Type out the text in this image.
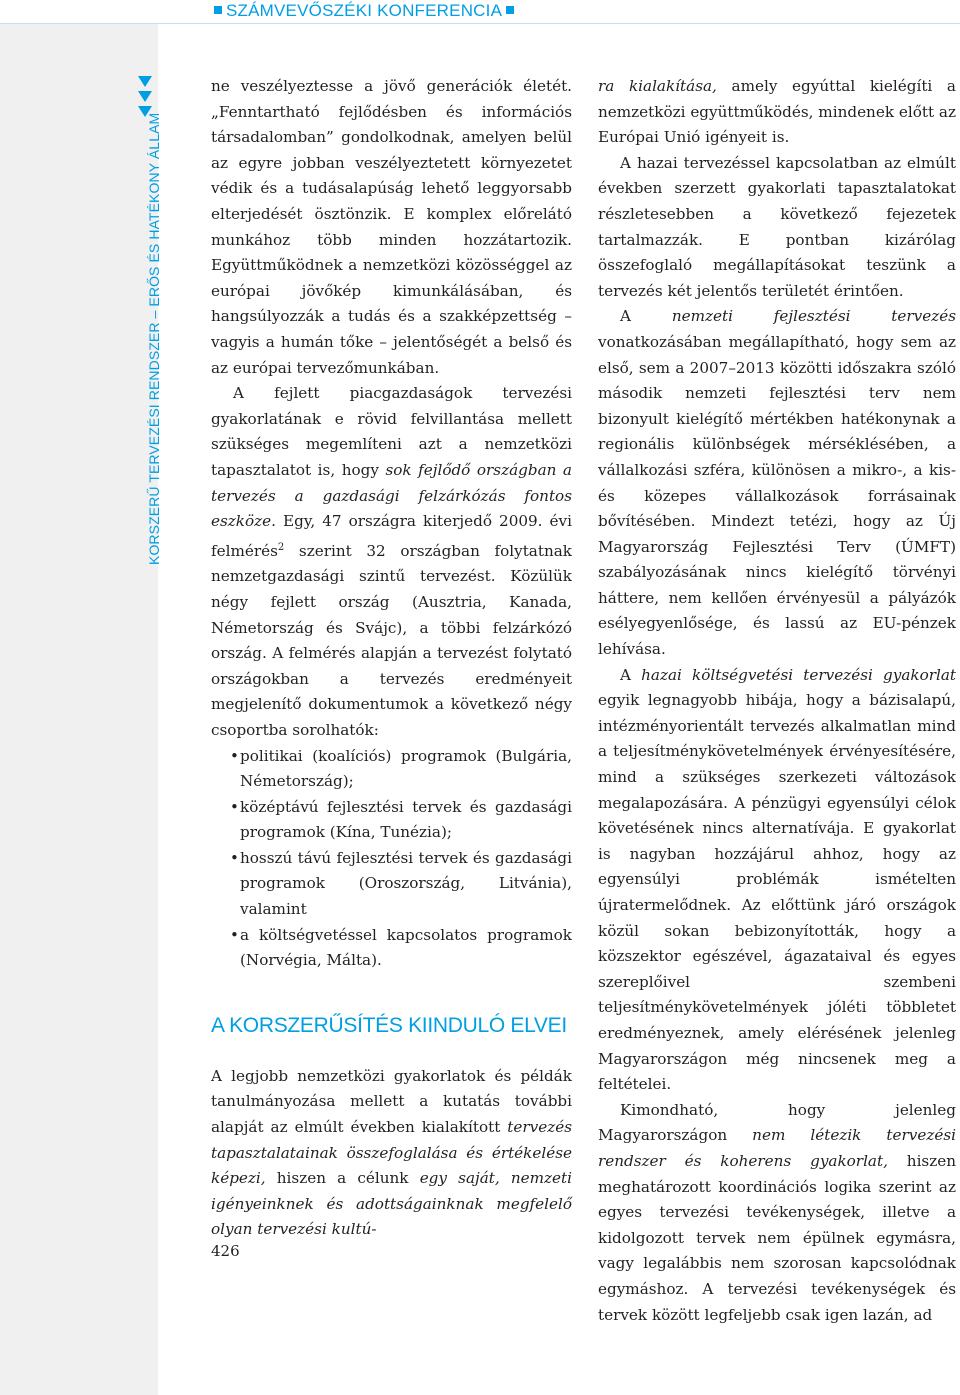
KORSZERŰ TERVEZÉSI RENDSZER – ERŐS ÉS HATÉKONY ÁLLAM
SZÁMVEVŐSZÉKI KONFERENCIA

ne veszélyeztesse a jövő generációk életét. „Fenntartható fejlődésben és információs társadalomban” gondolkodnak, amelyen belül az egyre jobban veszélyeztetett környezetet védik és a tudásalapúság lehető leggyorsabb elterjedését ösztönzik. E komplex előrelátó munkához több minden hozzátartozik. Együttműködnek a nemzetközi közösséggel az európai jövőkép kimunkálásában, és hangsúlyozzák a tudás és a szakképzettség – vagyis a humán tőke – jelentőségét a belső és az európai tervezőmunkában.

A fejlett piacgazdaságok tervezési gyakorlatának e rövid felvillantása mellett szükséges megemlíteni azt a nemzetközi tapasztalatot is, hogy sok fejlődő országban a tervezés a gazdasági felzárkózás fontos eszköze. Egy, 47 országra kiterjedő 2009. évi felmérés$^2$ szerint 32 országban folytatnak nemzetgazdasági szintű tervezést. Közülük négy fejlett ország (Ausztria, Kanada, Németország és Svájc), a többi felzárkózó ország. A felmérés alapján a tervezést folytató országokban a tervezés eredményeit megjelenítő dokumentumok a következő négy csoportba sorolhatók:

• politikai (koalíciós) programok (Bulgária, Németország);
• középtávú fejlesztési tervek és gazdasági programok (Kína, Tunézia);
• hosszú távú fejlesztési tervek és gazdasági programok (Oroszország, Litvánia), valamint
• a költségvetéssel kapcsolatos programok (Norvégia, Málta).
A KORSZERŰSÍTÉS KIINDULÓ ELVEI

A legjobb nemzetközi gyakorlatok és példák tanulmányozása mellett a kutatás további alapját az elmúlt években kialakított tervezés tapasztalatainak összefoglalása és értékelése képezi, hiszen a célunk egy saját, nemzeti igényeinknek és adottságainknak megfelelő olyan tervezési kultú-

ra kialakítása, amely egyúttal kielégíti a nemzetközi együttműködés, mindenek előtt az Európai Unió igényeit is.

A hazai tervezéssel kapcsolatban az elmúlt években szerzett gyakorlati tapasztalatokat részletesebben a következő fejezetek tartalmazzák. E pontban kizárólag összefoglaló megállapításokat teszünk a tervezés két jelentős területét érintően.

A nemzeti fejlesztési tervezés vonatkozásában megállapítható, hogy sem az első, sem a 2007–2013 közötti időszakra szóló második nemzeti fejlesztési terv nem bizonyult kielégítő mértékben hatékonynak a regionális különbségek mérséklésében, a vállalkozási szféra, különösen a mikro-, a kis- és közepes vállalkozások forrásainak bővítésében. Mindezt tetézi, hogy az Új Magyarország Fejlesztési Terv (ÚMFT) szabályozásának nincs kielégítő törvényi háttere, nem kellően érvényesül a pályázók esélyegyenlősége, és lassú az EU-pénzek lehívása.

A hazai költségvetési tervezési gyakorlat egyik legnagyobb hibája, hogy a bázisalapú, intézményorientált tervezés alkalmatlan mind a teljesítménykövetelmények érvényesítésére, mind a szükséges szerkezeti változások megalapozására. A pénzügyi egyensúlyi célok követésének nincs alternatívája. E gyakorlat is nagyban hozzájárul ahhoz, hogy az egyensúlyi problémák ismételten újratermelődnek. Az előttünk járó országok közül sokan bebizonyították, hogy a közszektor egészével, ágazataival és egyes szereplőivel szembeni teljesítménykövetelmények jóléti többletet eredményeznek, amely elérésének jelenleg Magyarországon még nincsenek meg a feltételei.

Kimondható, hogy jelenleg Magyarországon nem létezik tervezési rendszer és koherens gyakorlat, hiszen meghatározott koordinációs logika szerint az egyes tervezési tevékenységek, illetve a kidolgozott tervek nem épülnek egymásra, vagy legalábbis nem szorosan kapcsolódnak egymáshoz. A tervezési tevékenységek és tervek között legfeljebb csak igen lazán, ad

426
